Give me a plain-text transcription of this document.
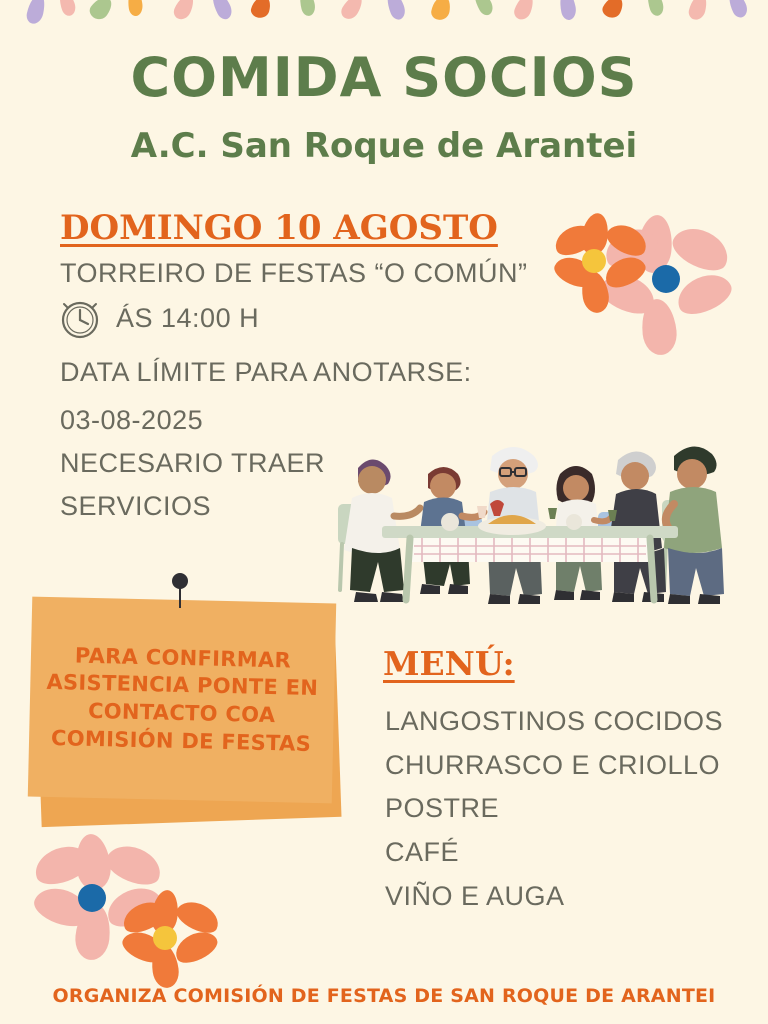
COMIDA SOCIOS
A.C. San Roque de Arantei
DOMINGO 10 AGOSTO
TORREIRO DE FESTAS “O COMÚN”
ÁS 14:00 H
DATA LÍMITE PARA ANOTARSE:
03-08-2025
NECESARIO TRAER
SERVICIOS
PARA CONFIRMAR ASISTENCIA PONTE EN CONTACTO COA COMISIÓN DE FESTAS
MENÚ:
LANGOSTINOS COCIDOS
CHURRASCO E CRIOLLO
POSTRE
CAFÉ
VIÑO E AUGA
ORGANIZA COMISIÓN DE FESTAS DE SAN ROQUE DE ARANTEI
